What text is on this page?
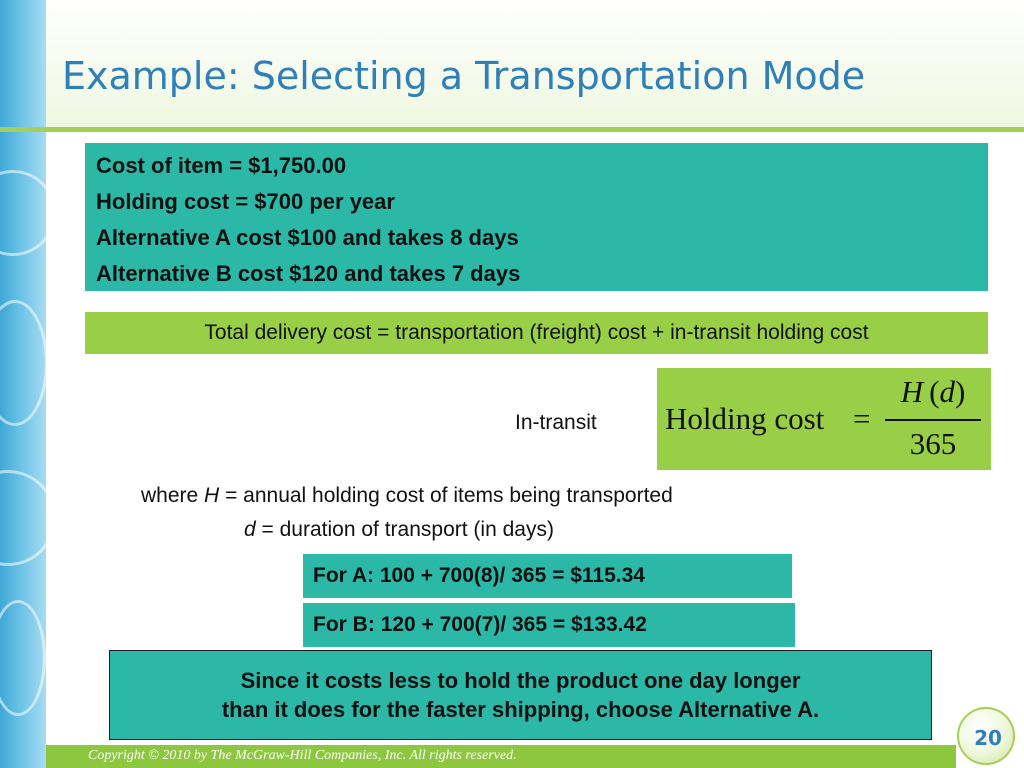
Example: Selecting a Transportation Mode
Cost of item = $1,750.00
Holding cost = $700 per year
Alternative A cost $100 and takes 8 days
Alternative B cost $120 and takes 7 days
Total delivery cost = transportation (freight) cost + in-transit holding cost
In-transit Holding cost =
H (d)
365
where H = annual holding cost of items being transported
d = duration of transport (in days)
For A: 100 + 700(8)/ 365 = $115.34
For B: 120 + 700(7)/ 365 = $133.42
Since it costs less to hold the product one day longer
than it does for the faster shipping, choose Alternative A.
Copyright © 2010 by The McGraw-Hill Companies, Inc. All rights reserved.
20
